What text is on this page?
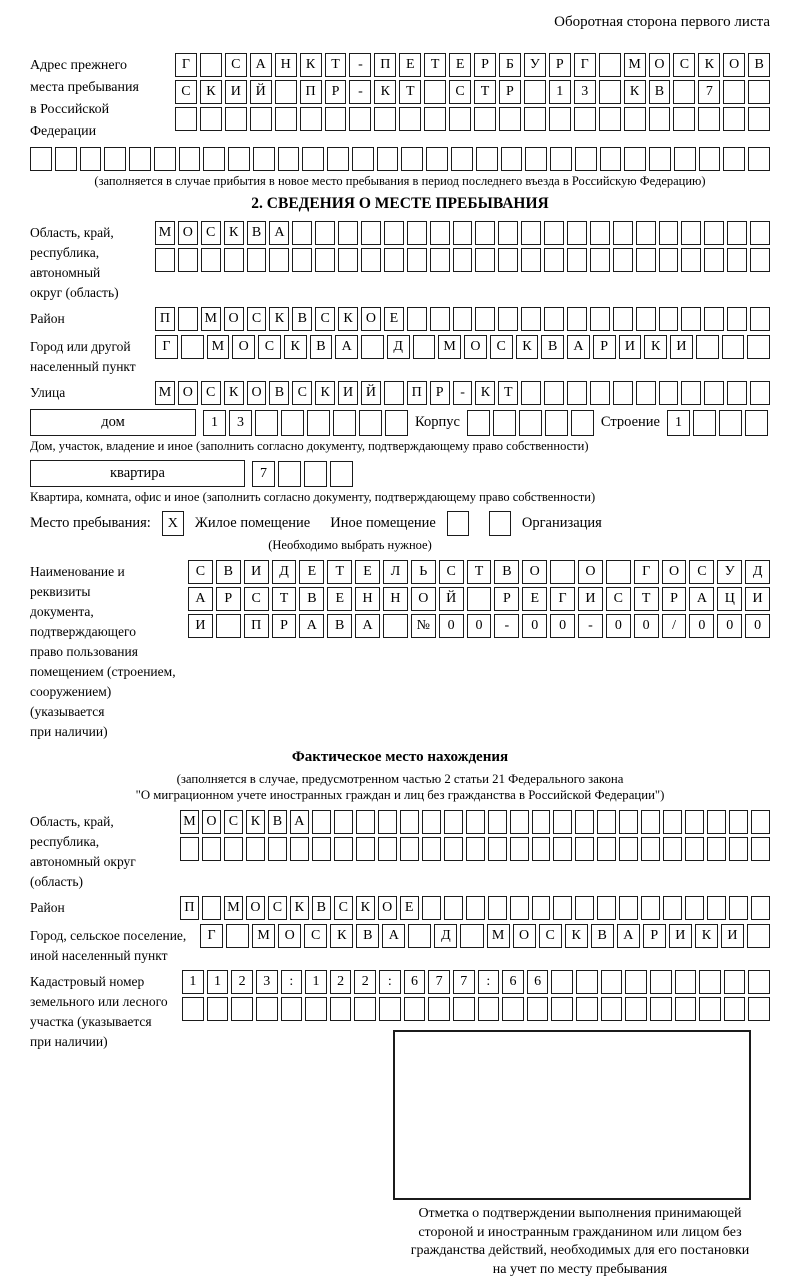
Оборотная сторона первого листа
Адрес прежнего
места пребывания
в Российской
Федерации
Г	С	А	Н	К	Т	-	П	Е	Т	Е	Р	Б	У	Р	Г	М О	С	К	О	В
С	К	И	Й	П	Р	-	К	Т	С	Т	Р	1	3	К	В	7
(заполняется в случае прибытия в новое место пребывания в период последнего въезда в Российскую Федерацию)
2. СВЕДЕНИЯ О МЕСТЕ ПРЕБЫВАНИЯ
Область, край,
республика,
автономный
округ (область)
М О С К В А
Район	П	М О С К В С К О Е
Город или другой
населенный пункт
Г	М	О	С	К	В	А	Д	М	О	С	К	В	А	Р	И	К	И
Улица	М О С К О В С К И Й	П Р	-	К Т
дом	1	3	Корпус	Строение	1
Дом, участок, владение и иное (заполнить согласно документу, подтверждающему право собственности)
квартира	7
Квартира, комната, офис и иное (заполнить согласно документу, подтверждающему право собственности)
Место пребывания:	X	Жилое помещение Иное помещение	Организация
(Необходимо выбрать нужное)
Наименование и реквизиты
документа, подтверждающего
право пользования
помещением (строением,
сооружением) (указывается
при наличии)
С	В	И	Д	Е	Т	Е	Л	Ь	С	Т	В	О	О	Г	О	С	У	Д
А	Р	С	Т	В	Е	Н	Н	О	Й	Р	Е	Г	И	С	Т	Р	А	Ц	И
И	П	Р	А	В	А	№	0	0	-	0	0	-	0	0	/	0	0	0
Фактическое место нахождения
(заполняется в случае, предусмотренном частью 2 статьи 21 Федерального закона
"О миграционном учете иностранных граждан и лиц без гражданства в Российской Федерации")
Область, край,
республика,
автономный округ
(область)
М О С К В А
Район	П	М О С К В С К О Е
Город, сельское поселение,
иной населенный пункт
Г	М	О	С	К	В	А	Д	М	О	С	К	В	А	Р	И	К	И
Кадастровый номер
земельного или лесного
участка (указывается
при наличии)
1	1	2	3	:	1	2	2	:	6	7	7	:	6	6
Отметка о подтверждении выполнения принимающей
стороной и иностранным гражданином или лицом без
гражданства действий, необходимых для его постановки
на учет по месту пребывания
